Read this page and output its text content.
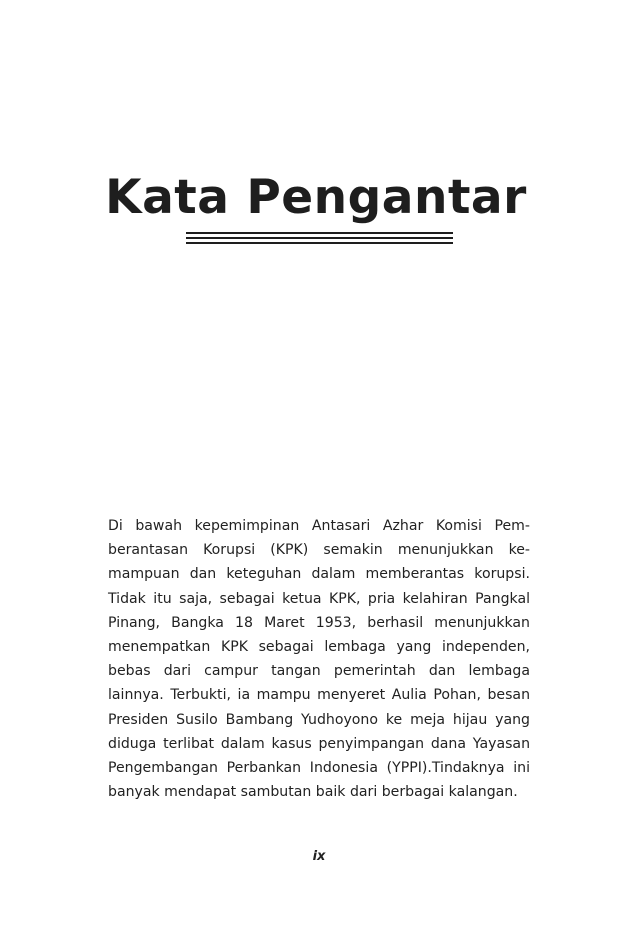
Kata Pengantar

Di bawah kepemimpinan Antasari Azhar Komisi Pem-
berantasan Korupsi (KPK) semakin menunjukkan ke-
mampuan dan keteguhan dalam memberantas korupsi.
Tidak itu saja, sebagai ketua KPK, pria kelahiran Pangkal
Pinang, Bangka 18 Maret 1953, berhasil menunjukkan
menempatkan KPK sebagai lembaga yang independen,
bebas dari campur tangan pemerintah dan lembaga
lainnya. Terbukti, ia mampu menyeret Aulia Pohan, besan
Presiden Susilo Bambang Yudhoyono ke meja hijau yang
diduga terlibat dalam kasus penyimpangan dana Yayasan
Pengembangan Perbankan Indonesia (YPPI).Tindaknya ini
banyak mendapat sambutan baik dari berbagai kalangan.

ix
